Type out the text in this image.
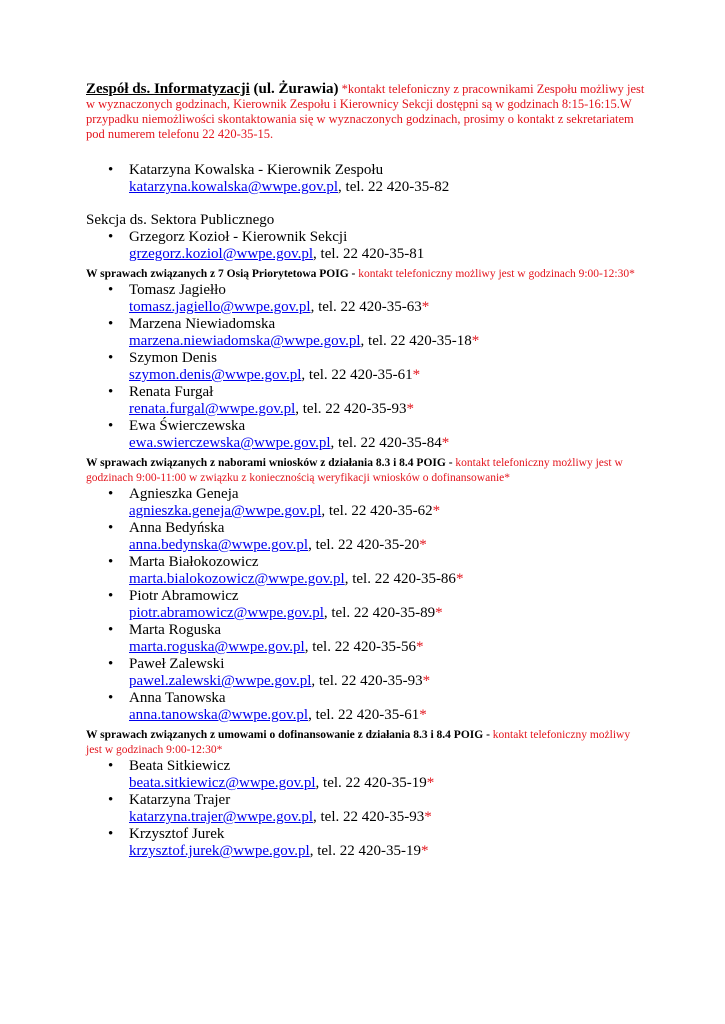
Zespół ds. Informatyzacji (ul. Żurawia) *kontakt telefoniczny z pracownikami Zespołu możliwy jest w wyznaczonych godzinach, Kierownik Zespołu i Kierownicy Sekcji dostępni są w godzinach 8:15-16:15.W przypadku niemożliwości skontaktowania się w wyznaczonych godzinach, prosimy o kontakt z sekretariatem pod numerem telefonu 22 420-35-15.
• Katarzyna Kowalska - Kierownik Zespołu
katarzyna.kowalska@wwpe.gov.pl, tel. 22 420-35-82
Sekcja ds. Sektora Publicznego
• Grzegorz Kozioł - Kierownik Sekcji
grzegorz.koziol@wwpe.gov.pl, tel. 22 420-35-81
W sprawach związanych z 7 Osią Priorytetowa POIG - kontakt telefoniczny możliwy jest w godzinach 9:00-12:30*
• Tomasz Jagiełło
tomasz.jagiello@wwpe.gov.pl, tel. 22 420-35-63*
• Marzena Niewiadomska
marzena.niewiadomska@wwpe.gov.pl, tel. 22 420-35-18*
• Szymon Denis
szymon.denis@wwpe.gov.pl, tel. 22 420-35-61*
• Renata Furgał
renata.furgal@wwpe.gov.pl, tel. 22 420-35-93*
• Ewa Świerczewska
ewa.swierczewska@wwpe.gov.pl, tel. 22 420-35-84*
W sprawach związanych z naborami wniosków z działania 8.3 i 8.4 POIG - kontakt telefoniczny możliwy jest w godzinach 9:00-11:00 w związku z koniecznością weryfikacji wniosków o dofinansowanie*
• Agnieszka Geneja
agnieszka.geneja@wwpe.gov.pl, tel. 22 420-35-62*
• Anna Bedyńska
anna.bedynska@wwpe.gov.pl, tel. 22 420-35-20*
• Marta Białokozowicz
marta.bialokozowicz@wwpe.gov.pl, tel. 22 420-35-86*
• Piotr Abramowicz
piotr.abramowicz@wwpe.gov.pl, tel. 22 420-35-89*
• Marta Roguska
marta.roguska@wwpe.gov.pl, tel. 22 420-35-56*
• Paweł Zalewski
pawel.zalewski@wwpe.gov.pl, tel. 22 420-35-93*
• Anna Tanowska
anna.tanowska@wwpe.gov.pl, tel. 22 420-35-61*
W sprawach związanych z umowami o dofinansowanie z działania 8.3 i 8.4 POIG - kontakt telefoniczny możliwy jest w godzinach 9:00-12:30*
• Beata Sitkiewicz
beata.sitkiewicz@wwpe.gov.pl, tel. 22 420-35-19*
• Katarzyna Trajer
katarzyna.trajer@wwpe.gov.pl, tel. 22 420-35-93*
• Krzysztof Jurek
krzysztof.jurek@wwpe.gov.pl, tel. 22 420-35-19*
